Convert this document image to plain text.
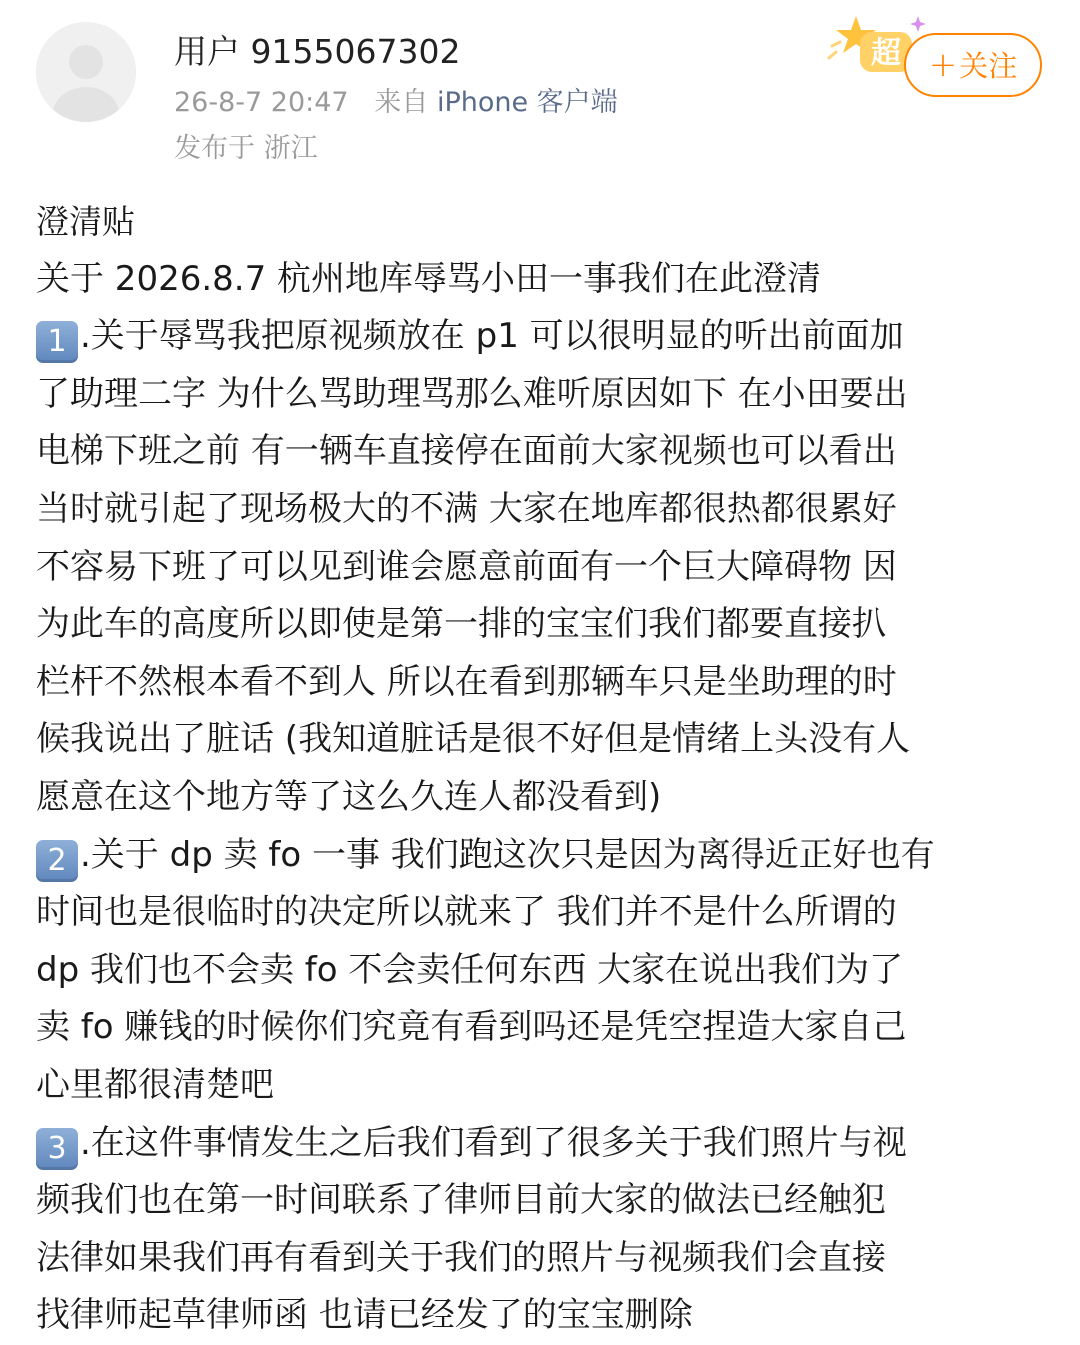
用户 9155067302
26-8-7 20:47 来自 iPhone 客户端
发布于 浙江
超 +关注
澄清贴
关于 2026.8.7 杭州地库辱骂小田一事我们在此澄清
1 .关于辱骂我把原视频放在 p1 可以很明显的听出前面加
了助理二字 为什么骂助理骂那么难听原因如下 在小田要出
电梯下班之前 有一辆车直接停在面前大家视频也可以看出
当时就引起了现场极大的不满 大家在地库都很热都很累好
不容易下班了可以见到谁会愿意前面有一个巨大障碍物 因
为此车的高度所以即使是第一排的宝宝们我们都要直接扒
栏杆不然根本看不到人 所以在看到那辆车只是坐助理的时
候我说出了脏话 (我知道脏话是很不好但是情绪上头没有人
愿意在这个地方等了这么久连人都没看到)
2 .关于 dp 卖 fo 一事 我们跑这次只是因为离得近正好也有
时间也是很临时的决定所以就来了 我们并不是什么所谓的
dp 我们也不会卖 fo 不会卖任何东西 大家在说出我们为了
卖 fo 赚钱的时候你们究竟有看到吗还是凭空捏造大家自己
心里都很清楚吧
3 .在这件事情发生之后我们看到了很多关于我们照片与视
频我们也在第一时间联系了律师目前大家的做法已经触犯
法律如果我们再有看到关于我们的照片与视频我们会直接
找律师起草律师函 也请已经发了的宝宝删除
